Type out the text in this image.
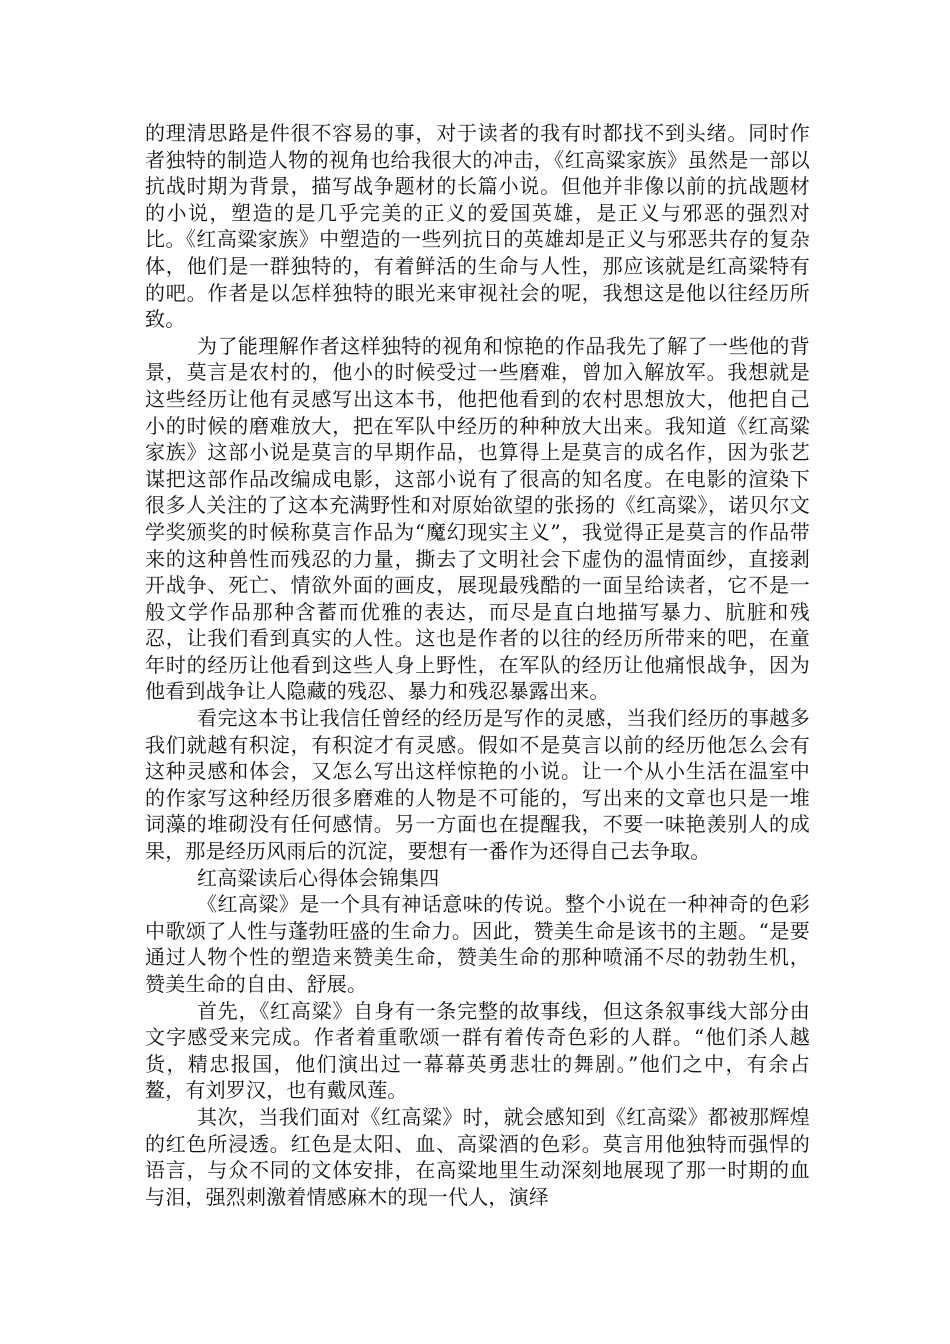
的理清思路是件很不容易的事，对于读者的我有时都找不到头绪。同时作者独特的制造人物的视角也给我很大的冲击，《红高粱家族》虽然是一部以抗战时期为背景，描写战争题材的长篇小说。但他并非像以前的抗战题材的小说，塑造的是几乎完美的正义的爱国英雄，是正义与邪恶的强烈对比。《红高粱家族》中塑造的一些列抗日的英雄却是正义与邪恶共存的复杂体，他们是一群独特的，有着鲜活的生命与人性，那应该就是红高粱特有的吧。作者是以怎样独特的眼光来审视社会的呢，我想这是他以往经历所致。

为了能理解作者这样独特的视角和惊艳的作品我先了解了一些他的背景，莫言是农村的，他小的时候受过一些磨难，曾加入解放军。我想就是这些经历让他有灵感写出这本书，他把他看到的农村思想放大，他把自己小的时候的磨难放大，把在军队中经历的种种放大出来。我知道《红高粱家族》这部小说是莫言的早期作品，也算得上是莫言的成名作，因为张艺谋把这部作品改编成电影，这部小说有了很高的知名度。在电影的渲染下很多人关注的了这本充满野性和对原始欲望的张扬的《红高粱》，诺贝尔文学奖颁奖的时候称莫言作品为“魔幻现实主义”，我觉得正是莫言的作品带来的这种兽性而残忍的力量，撕去了文明社会下虚伪的温情面纱，直接剥开战争、死亡、情欲外面的画皮，展现最残酷的一面呈给读者，它不是一般文学作品那种含蓄而优雅的表达，而尽是直白地描写暴力、肮脏和残忍，让我们看到真实的人性。这也是作者的以往的经历所带来的吧，在童年时的经历让他看到这些人身上野性，在军队的经历让他痛恨战争，因为他看到战争让人隐藏的残忍、暴力和残忍暴露出来。

看完这本书让我信任曾经的经历是写作的灵感，当我们经历的事越多我们就越有积淀，有积淀才有灵感。假如不是莫言以前的经历他怎么会有这种灵感和体会，又怎么写出这样惊艳的小说。让一个从小生活在温室中的作家写这种经历很多磨难的人物是不可能的，写出来的文章也只是一堆词藻的堆砌没有任何感情。另一方面也在提醒我，不要一味艳羡别人的成果，那是经历风雨后的沉淀，要想有一番作为还得自己去争取。

红高粱读后心得体会锦集四

《红高粱》是一个具有神话意味的传说。整个小说在一种神奇的色彩中歌颂了人性与蓬勃旺盛的生命力。因此，赞美生命是该书的主题。“是要通过人物个性的塑造来赞美生命，赞美生命的那种喷涌不尽的勃勃生机，赞美生命的自由、舒展。

首先，《红高粱》自身有一条完整的故事线，但这条叙事线大部分由文字感受来完成。作者着重歌颂一群有着传奇色彩的人群。“他们杀人越货，精忠报国，他们演出过一幕幕英勇悲壮的舞剧。”他们之中，有余占鳌，有刘罗汉，也有戴凤莲。

其次，当我们面对《红高粱》时，就会感知到《红高粱》都被那辉煌的红色所浸透。红色是太阳、血、高粱酒的色彩。莫言用他独特而强悍的语言，与众不同的文体安排，在高粱地里生动深刻地展现了那一时期的血与泪，强烈刺激着情感麻木的现一代人，演绎
